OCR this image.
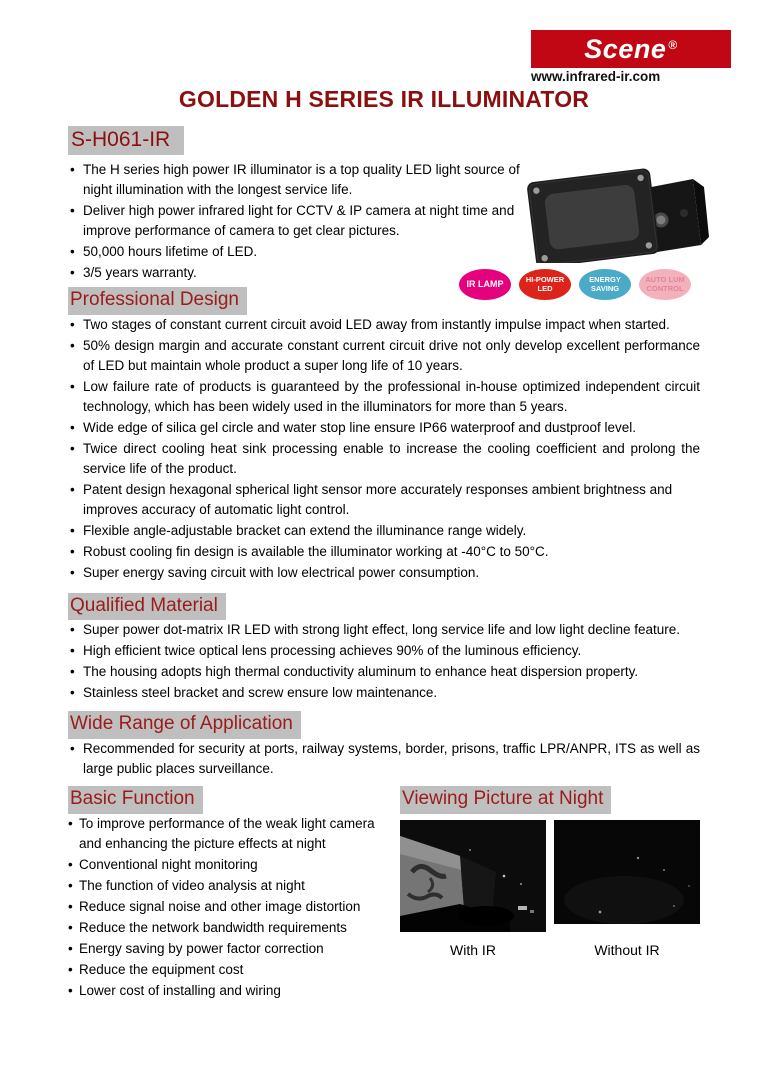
Scene ®
www.infrared-ir.com
IR LAMP	HI-POWER LED
ENERGY SAVING
AUTO LUM CONTROL
GOLDEN H SERIES IR ILLUMINATOR
S-H061-IR
• The H series high power IR illuminator is a top quality LED light source of night illumination with the longest service life.
• Deliver high power infrared light for CCTV & IP camera at night time and improve performance of camera to get clear pictures.
• 50,000 hours lifetime of LED.
• 3/5 years warranty.
Professional Design
• Two stages of constant current circuit avoid LED away from instantly impulse impact when started.
• 50% design margin and accurate constant current circuit drive not only develop excellent performance of LED but maintain whole product a super long life of 10 years.
• Low failure rate of products is guaranteed by the professional in-house optimized independent circuit technology, which has been widely used in the illuminators for more than 5 years.
• Wide edge of silica gel circle and water stop line ensure IP66 waterproof and dustproof level.
• Twice direct cooling heat sink processing enable to increase the cooling coefficient and prolong the service life of the product.
• Patent design hexagonal spherical light sensor more accurately responses ambient brightness and improves accuracy of automatic light control.
• Flexible angle-adjustable bracket can extend the illuminance range widely.
• Robust cooling fin design is available the illuminator working at -40°C to 50°C.
• Super energy saving circuit with low electrical power consumption.
Qualified Material
• Super power dot-matrix IR LED with strong light effect, long service life and low light decline feature.
• High efficient twice optical lens processing achieves 90% of the luminous efficiency.
• The housing adopts high thermal conductivity aluminum to enhance heat dispersion property.
• Stainless steel bracket and screw ensure low maintenance.
Wide Range of Application
• Recommended for security at ports, railway systems, border, prisons, traffic LPR/ANPR, ITS as well as large public places surveillance.
Basic Function
• To improve performance of the weak light camera and enhancing the picture effects at night
• Conventional night monitoring
• The function of video analysis at night
• Reduce signal noise and other image distortion
• Reduce the network bandwidth requirements
• Energy saving by power factor correction
• Reduce the equipment cost
• Lower cost of installing and wiring
Viewing Picture at Night
With IR	Without IR
